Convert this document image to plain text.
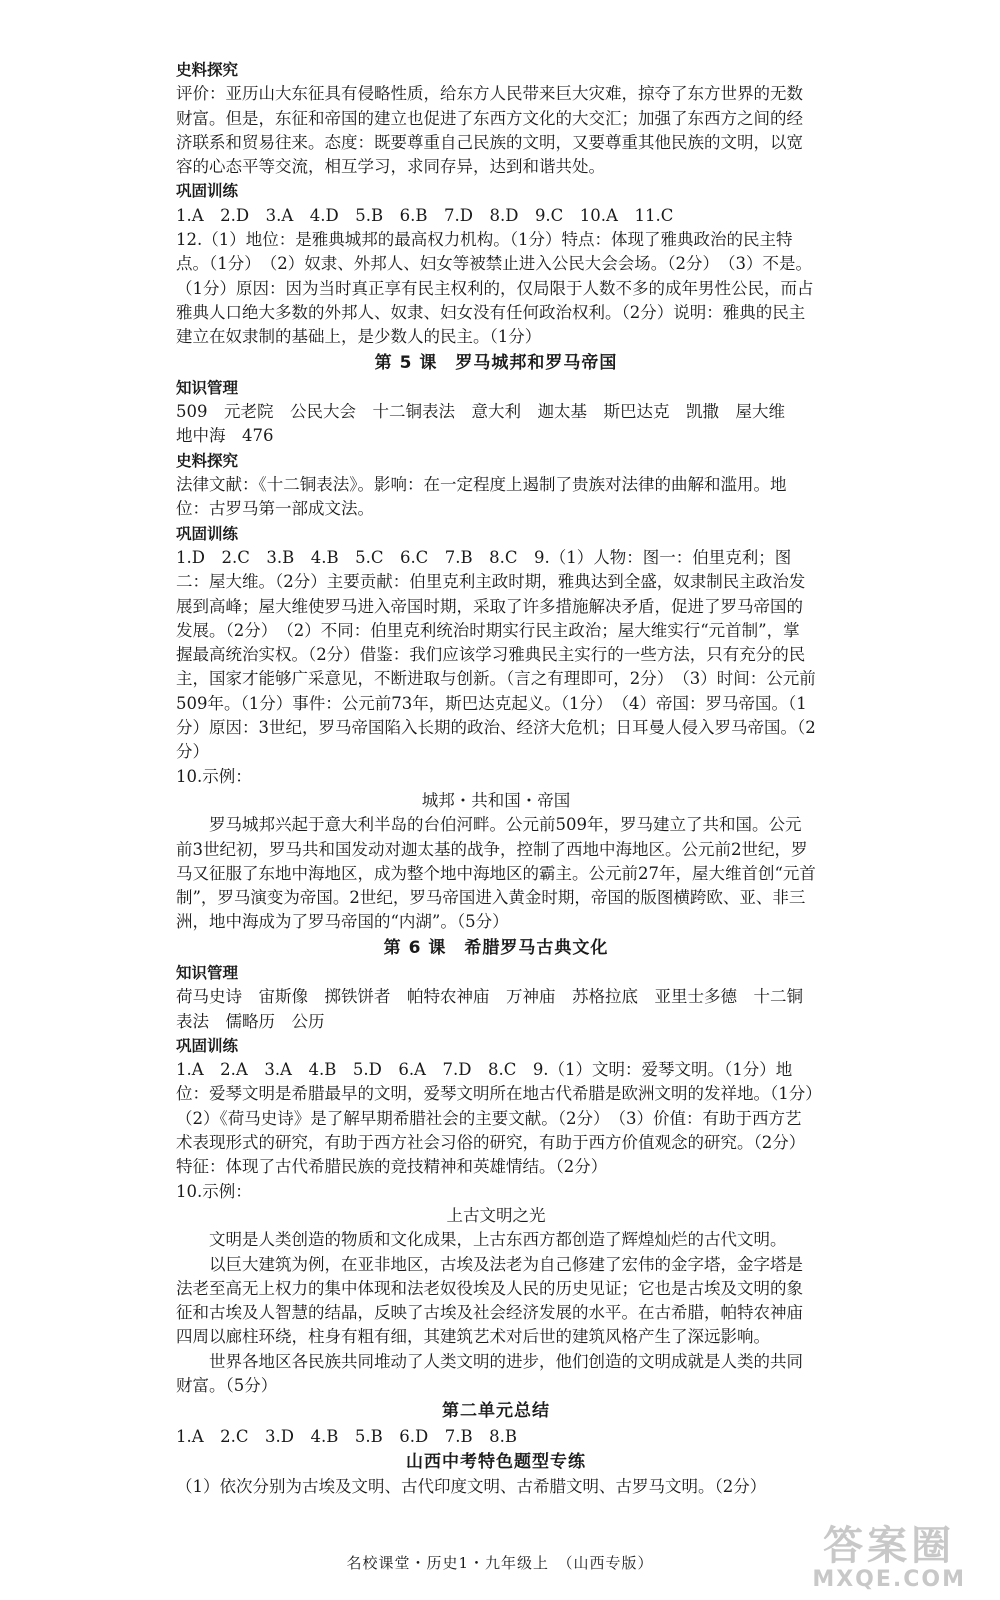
史料探究

评价：亚历山大东征具有侵略性质，给东方人民带来巨大灾难，掠夺了东方世界的无数财富。但是，东征和帝国的建立也促进了东西方文化的大交汇；加强了东西方之间的经济联系和贸易往来。态度：既要尊重自己民族的文明，又要尊重其他民族的文明，以宽容的心态平等交流，相互学习，求同存异，达到和谐共处。

巩固训练

1.A　2.D　3.A　4.D　5.B　6.B　7.D　8.D　9.C　10.A　11.C

12.（1）地位：是雅典城邦的最高权力机构。（1分）特点：体现了雅典政治的民主特点。（1分）　（2）奴隶、外邦人、妇女等被禁止进入公民大会会场。（2分）　（3）不是。（1分）原因：因为当时真正享有民主权利的，仅局限于人数不多的成年男性公民，而占雅典人口绝大多数的外邦人、奴隶、妇女没有任何政治权利。（2分）说明：雅典的民主建立在奴隶制的基础上，是少数人的民主。（1分）

第 5 课　罗马城邦和罗马帝国

知识管理

509　元老院　公民大会　十二铜表法　意大利　迦太基　斯巴达克　凯撒　屋大维　地中海　476

史料探究

法律文献：《十二铜表法》。影响：在一定程度上遏制了贵族对法律的曲解和滥用。地位：古罗马第一部成文法。

巩固训练

1.D　2.C　3.B　4.B　5.C　6.C　7.B　8.C　9.（1）人物：图一：伯里克利；图二：屋大维。（2分）主要贡献：伯里克利主政时期，雅典达到全盛，奴隶制民主政治发展到高峰；屋大维使罗马进入帝国时期，采取了许多措施解决矛盾，促进了罗马帝国的发展。（2分）　（2）不同：伯里克利统治时期实行民主政治；屋大维实行“元首制”，掌握最高统治实权。（2分）借鉴：我们应该学习雅典民主实行的一些方法，只有充分的民主，国家才能够广采意见，不断进取与创新。（言之有理即可，2分）　（3）时间：公元前509年。（1分）事件：公元前73年，斯巴达克起义。（1分）　（4）帝国：罗马帝国。（1分）原因：3世纪，罗马帝国陷入长期的政治、经济大危机；日耳曼人侵入罗马帝国。（2分）

10.示例：

城邦・共和国・帝国

罗马城邦兴起于意大利半岛的台伯河畔。公元前509年，罗马建立了共和国。公元前3世纪初，罗马共和国发动对迦太基的战争，控制了西地中海地区。公元前2世纪，罗马又征服了东地中海地区，成为整个地中海地区的霸主。公元前27年，屋大维首创“元首制”，罗马演变为帝国。2世纪，罗马帝国进入黄金时期，帝国的版图横跨欧、亚、非三洲，地中海成为了罗马帝国的“内湖”。（5分）

第 6 课　希腊罗马古典文化

知识管理

荷马史诗　宙斯像　掷铁饼者　帕特农神庙　万神庙　苏格拉底　亚里士多德　十二铜表法　儒略历　公历

巩固训练

1.A　2.A　3.A　4.B　5.D　6.A　7.D　8.C　9.（1）文明：爱琴文明。（1分）地位：爱琴文明是希腊最早的文明，爱琴文明所在地古代希腊是欧洲文明的发祥地。（1分）　（2）《荷马史诗》是了解早期希腊社会的主要文献。（2分）　（3）价值：有助于西方艺术表现形式的研究，有助于西方社会习俗的研究，有助于西方价值观念的研究。（2分）特征：体现了古代希腊民族的竞技精神和英雄情结。（2分）

10.示例：

上古文明之光

文明是人类创造的物质和文化成果，上古东西方都创造了辉煌灿烂的古代文明。

以巨大建筑为例，在亚非地区，古埃及法老为自己修建了宏伟的金字塔，金字塔是法老至高无上权力的集中体现和法老奴役埃及人民的历史见证；它也是古埃及文明的象征和古埃及人智慧的结晶，反映了古埃及社会经济发展的水平。在古希腊，帕特农神庙四周以廊柱环绕，柱身有粗有细，其建筑艺术对后世的建筑风格产生了深远影响。

世界各地区各民族共同堆动了人类文明的进步，他们创造的文明成就是人类的共同财富。（5分）

第二单元总结

1.A　2.C　3.D　4.B　5.B　6.D　7.B　8.B

山西中考特色题型专练

（1）依次分别为古埃及文明、古代印度文明、古希腊文明、古罗马文明。（2分）

名校课堂・历史1・九年级上　（山西专版）	答案圈
MXQE.COM
